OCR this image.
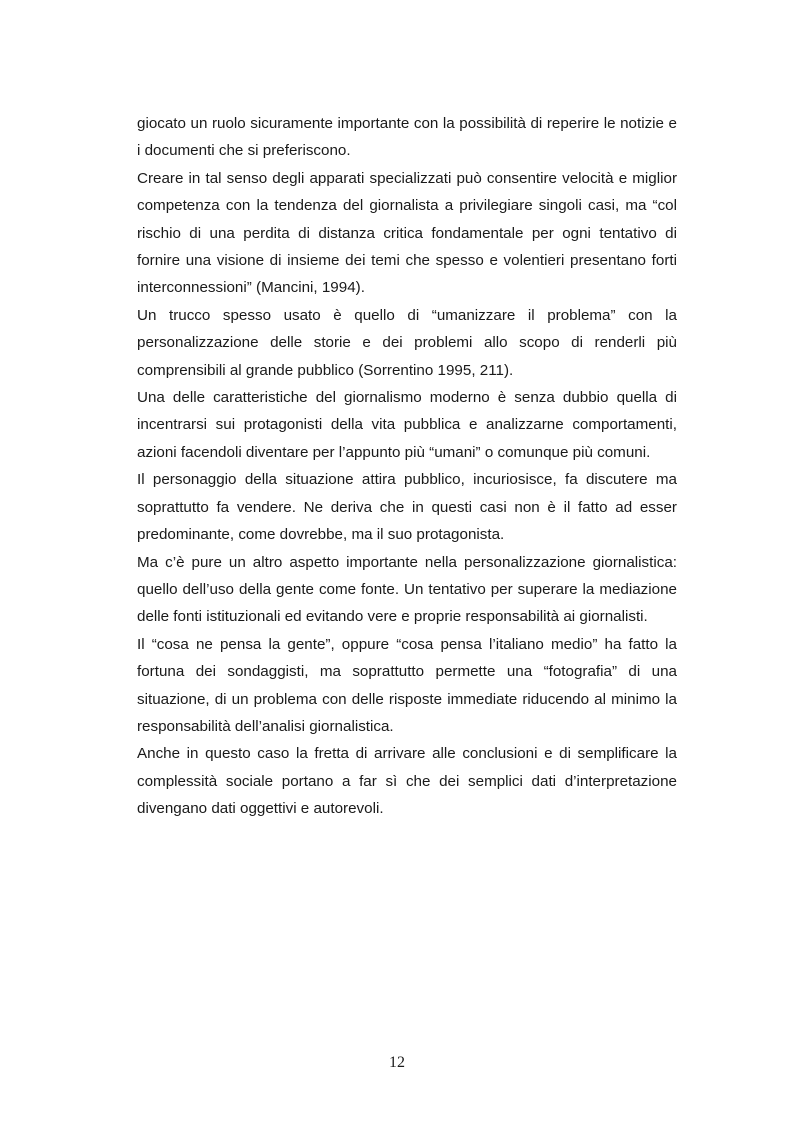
giocato un ruolo sicuramente importante con la possibilità di reperire le notizie e i documenti che si preferiscono.

Creare in tal senso degli apparati specializzati può consentire velocità e miglior competenza con la tendenza del giornalista a privilegiare singoli casi, ma “col rischio di una perdita di distanza critica fondamentale per ogni tentativo di fornire una visione di insieme dei temi che spesso e volentieri presentano forti interconnessioni” (Mancini, 1994).

Un trucco spesso usato è quello di “umanizzare il problema” con la personalizzazione delle storie e dei problemi allo scopo di renderli più comprensibili al grande pubblico (Sorrentino 1995, 211).

Una delle caratteristiche del giornalismo moderno è senza dubbio quella di incentrarsi sui protagonisti della vita pubblica e analizzarne comportamenti, azioni facendoli diventare per l’appunto più “umani” o comunque più comuni.

Il personaggio della situazione attira pubblico, incuriosisce, fa discutere ma soprattutto fa vendere. Ne deriva che in questi casi non è il fatto ad esser predominante, come dovrebbe, ma il suo protagonista.

Ma c’è pure un altro aspetto importante nella personalizzazione giornalistica: quello dell’uso della gente come fonte. Un tentativo per superare la mediazione delle fonti istituzionali ed evitando vere e proprie responsabilità ai giornalisti.

Il “cosa ne pensa la gente”, oppure “cosa pensa l’italiano medio” ha fatto la fortuna dei sondaggisti, ma soprattutto permette una “fotografia” di una situazione, di un problema con delle risposte immediate riducendo al minimo la responsabilità dell’analisi giornalistica.

Anche in questo caso la fretta di arrivare alle conclusioni e di semplificare la complessità sociale portano a far sì che dei semplici dati d’interpretazione divengano dati oggettivi e autorevoli.

12
